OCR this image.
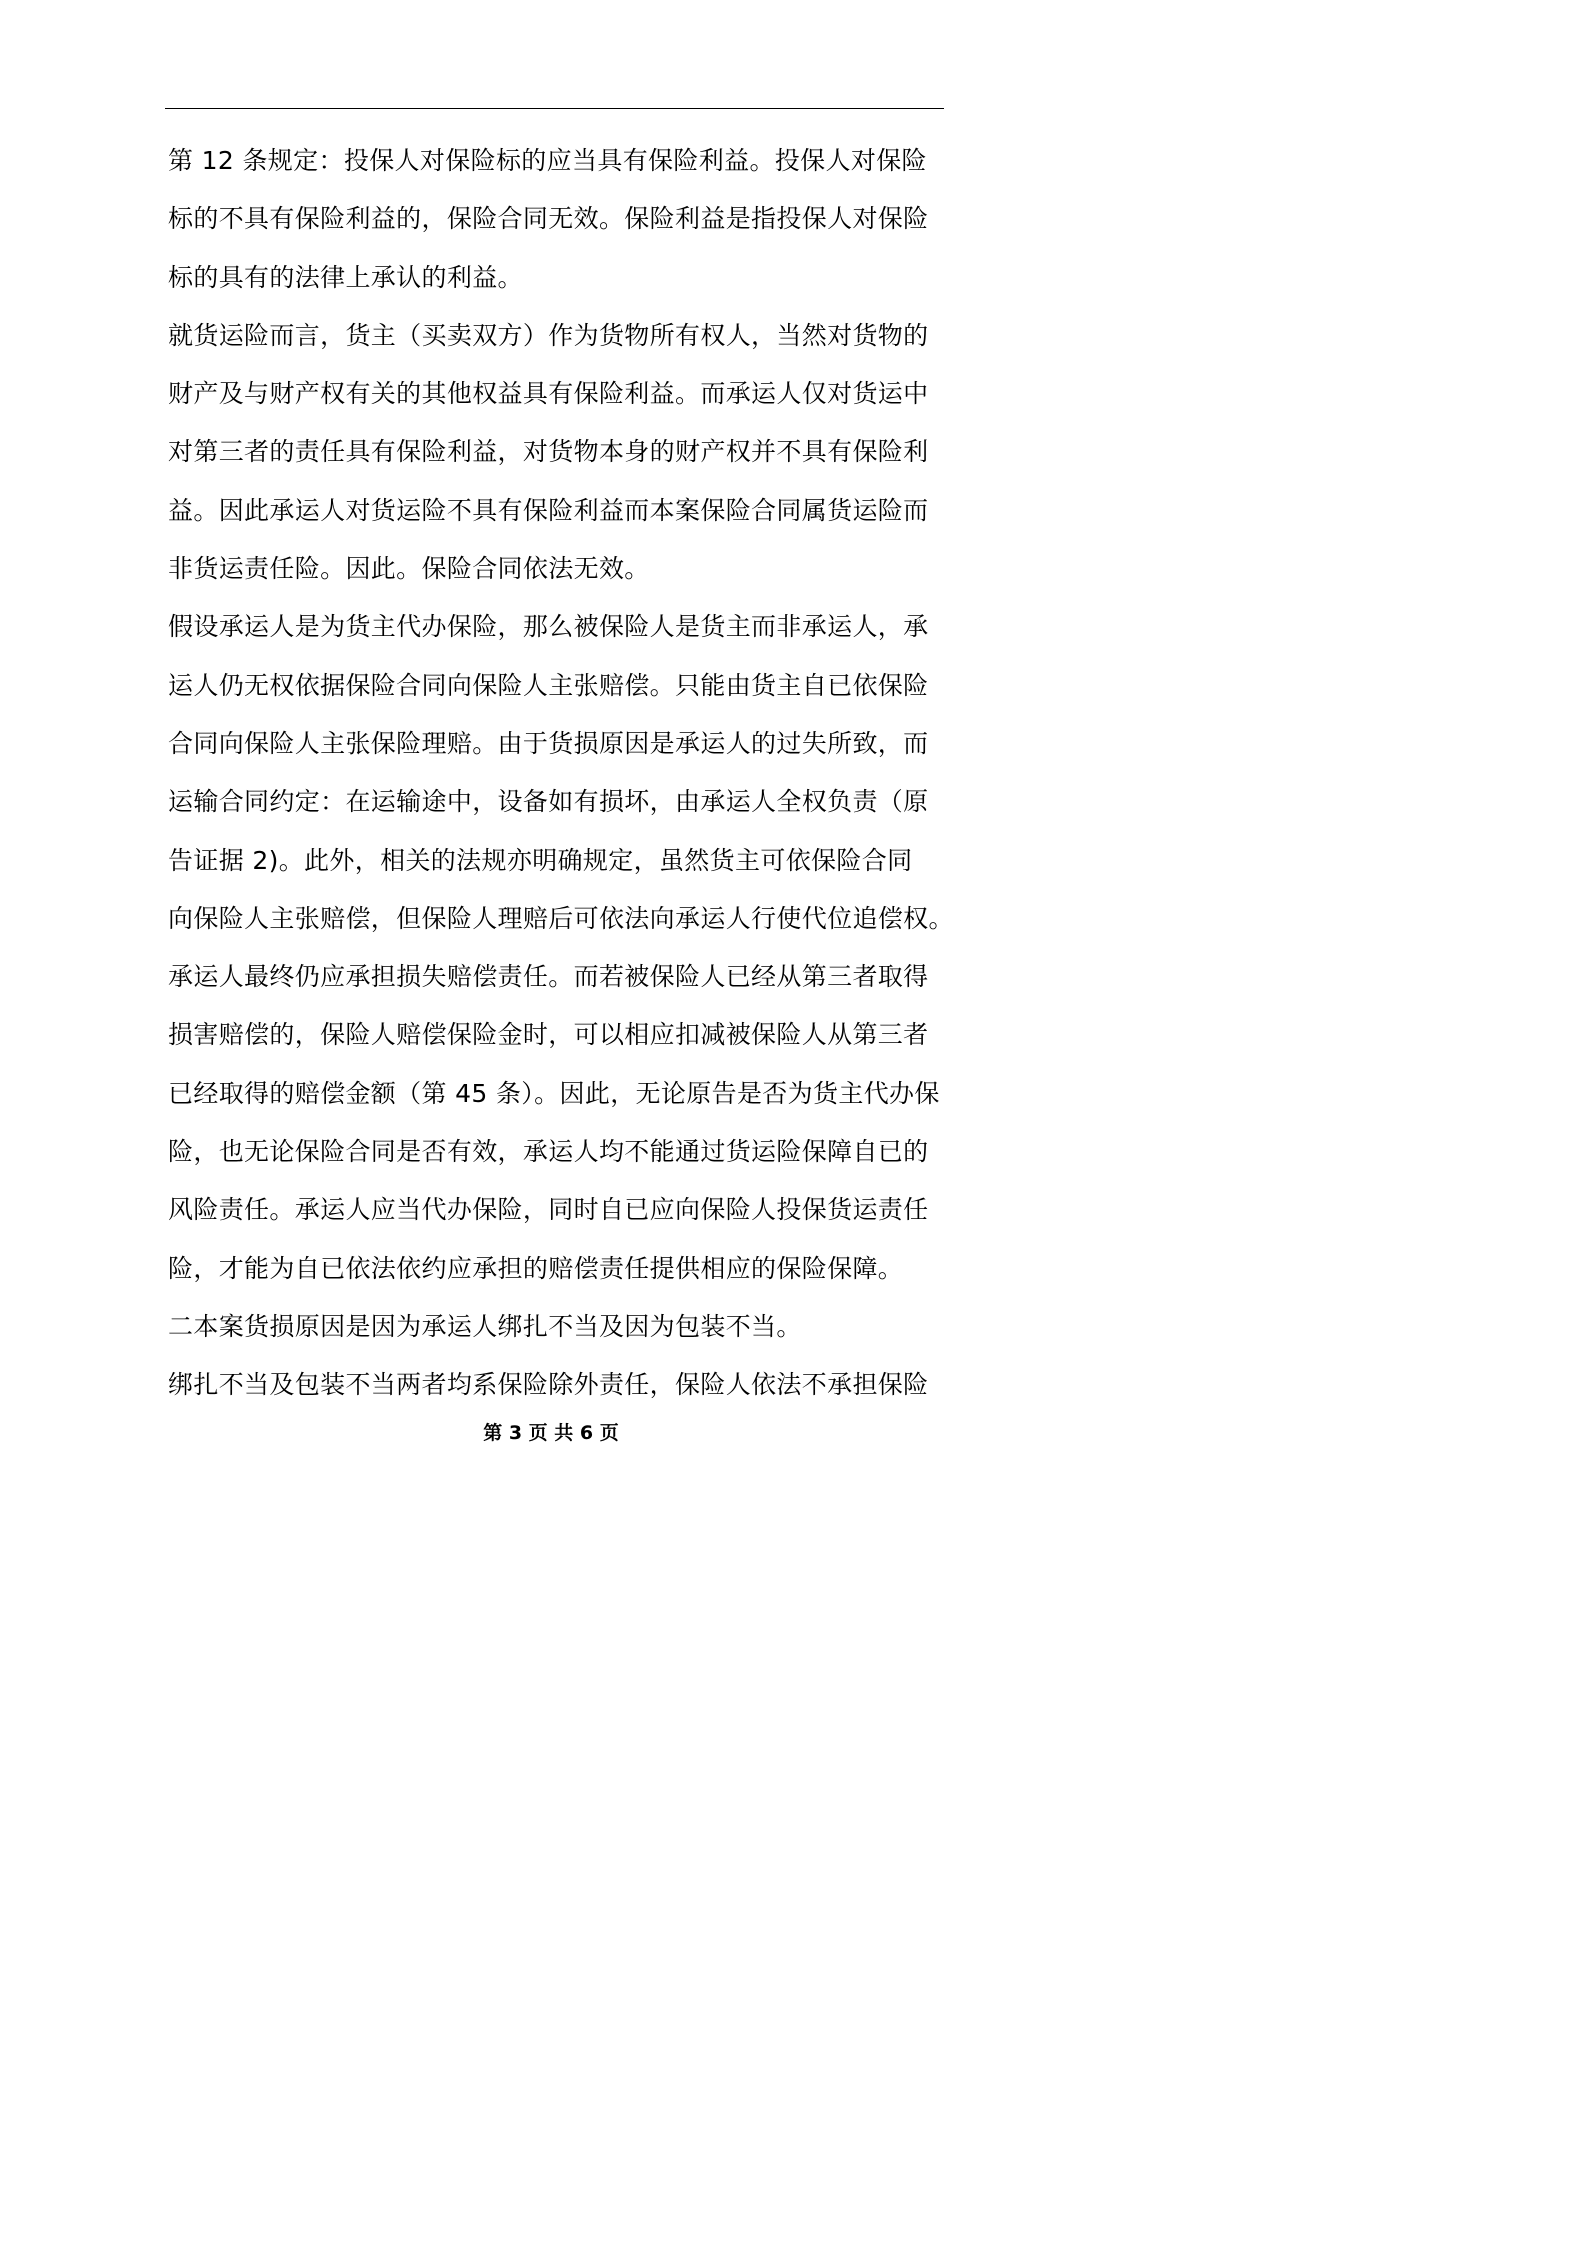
第 12 条规定：投保人对保险标的应当具有保险利益。投保人对保险
标的不具有保险利益的，保险合同无效。保险利益是指投保人对保险
标的具有的法律上承认的利益。
就货运险而言，货主（买卖双方）作为货物所有权人，当然对货物的
财产及与财产权有关的其他权益具有保险利益。而承运人仅对货运中
对第三者的责任具有保险利益，对货物本身的财产权并不具有保险利
益。因此承运人对货运险不具有保险利益而本案保险合同属货运险而
非货运责任险。因此。保险合同依法无效。
假设承运人是为货主代办保险，那么被保险人是货主而非承运人，承
运人仍无权依据保险合同向保险人主张赔偿。只能由货主自已依保险
合同向保险人主张保险理赔。由于货损原因是承运人的过失所致，而
运输合同约定：在运输途中，设备如有损坏，由承运人全权负责（原
告证据 2)。此外，相关的法规亦明确规定，虽然货主可依保险合同
向保险人主张赔偿，但保险人理赔后可依法向承运人行使代位追偿权。
承运人最终仍应承担损失赔偿责任。而若被保险人已经从第三者取得
损害赔偿的，保险人赔偿保险金时，可以相应扣减被保险人从第三者
已经取得的赔偿金额（第 45 条）。因此，无论原告是否为货主代办保
险，也无论保险合同是否有效，承运人均不能通过货运险保障自已的
风险责任。承运人应当代办保险，同时自已应向保险人投保货运责任
险，才能为自已依法依约应承担的赔偿责任提供相应的保险保障。
二本案货损原因是因为承运人绑扎不当及因为包装不当。
绑扎不当及包装不当两者均系保险除外责任，保险人依法不承担保险
第 3 页 共 6 页
